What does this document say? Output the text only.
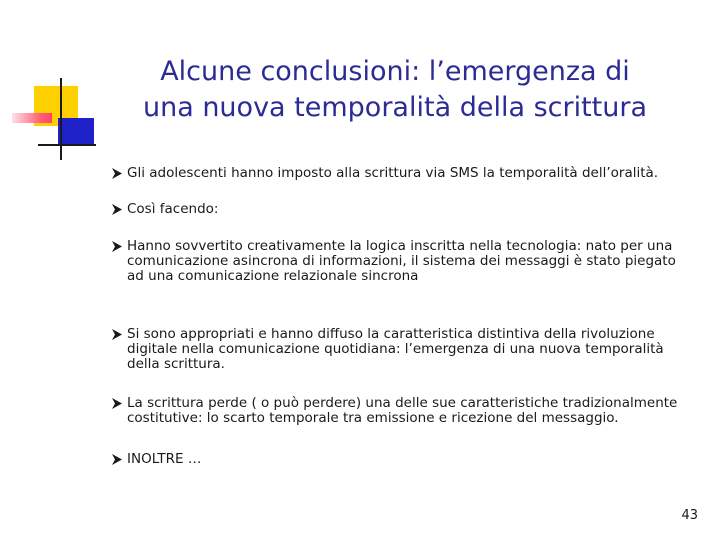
Alcune conclusioni: l’emergenza di
una nuova temporalità della scrittura
Gli adolescenti hanno imposto alla scrittura via SMS la temporalità dell’oralità.
Così facendo:
Hanno sovvertito creativamente la logica inscritta nella tecnologia: nato per una
comunicazione asincrona di informazioni, il sistema dei messaggi è stato piegato
ad una comunicazione relazionale sincrona
Si sono appropriati e hanno diffuso la caratteristica distintiva della rivoluzione
digitale nella comunicazione quotidiana: l’emergenza di una nuova temporalità
della scrittura.
La scrittura perde ( o può perdere) una delle sue caratteristiche tradizionalmente
costitutive: lo scarto temporale tra emissione e ricezione del messaggio.
INOLTRE …
43
